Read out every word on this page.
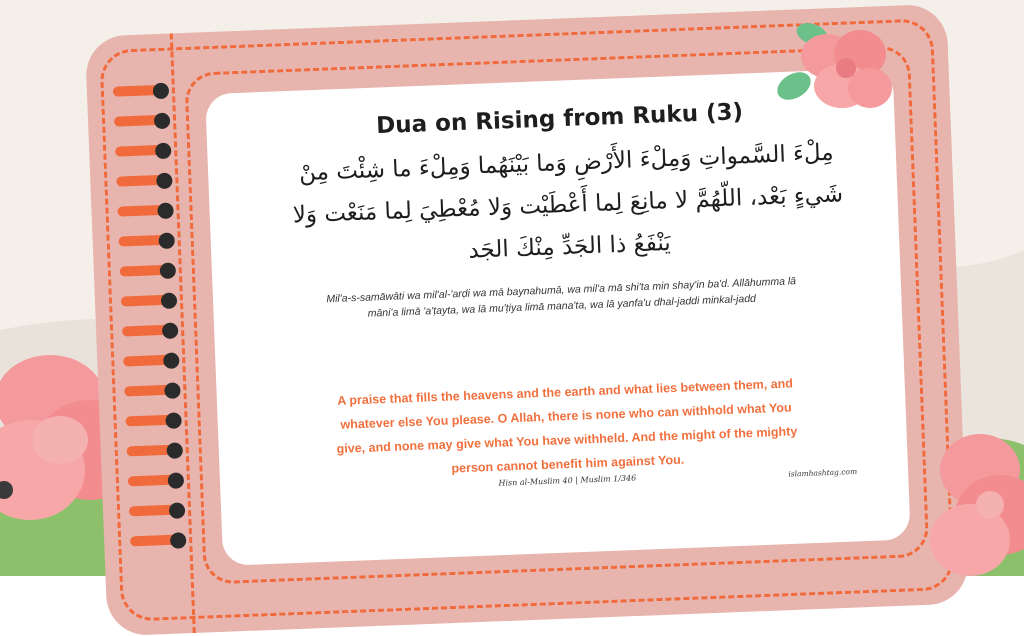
Dua on Rising from Ruku (3)
مِلْءَ السَّمواتِ وَمِلْءَ الأَرْضِ وَما بَيْنَهُما وَمِلْءَ ما شِئْتَ مِنْ شَيءٍ بَعْد، اللّهُمَّ لا مانِعَ لِما أَعْطَيْت وَلا مُعْطِيَ لِما مَنَعْت وَلا يَنْفَعُ ذا الجَدِّ مِنْكَ الجَد
Mil'a-s-samāwāti wa mil'al-'arḍi wa mā baynahumā, wa mil'a mā shi'ta min shay'in ba'd. Allāhumma lā māni'a limā 'a'ṭayta, wa lā mu'ṭiya limā mana'ta, wa lā yanfa'u dhal-jaddi minkal-jadd
A praise that fills the heavens and the earth and what lies between them, and whatever else You please. O Allah, there is none who can withhold what You give, and none may give what You have withheld. And the might of the mighty person cannot benefit him against You.
Hisn al-Muslim 40 | Muslim 1/346
islamhashtag.com
